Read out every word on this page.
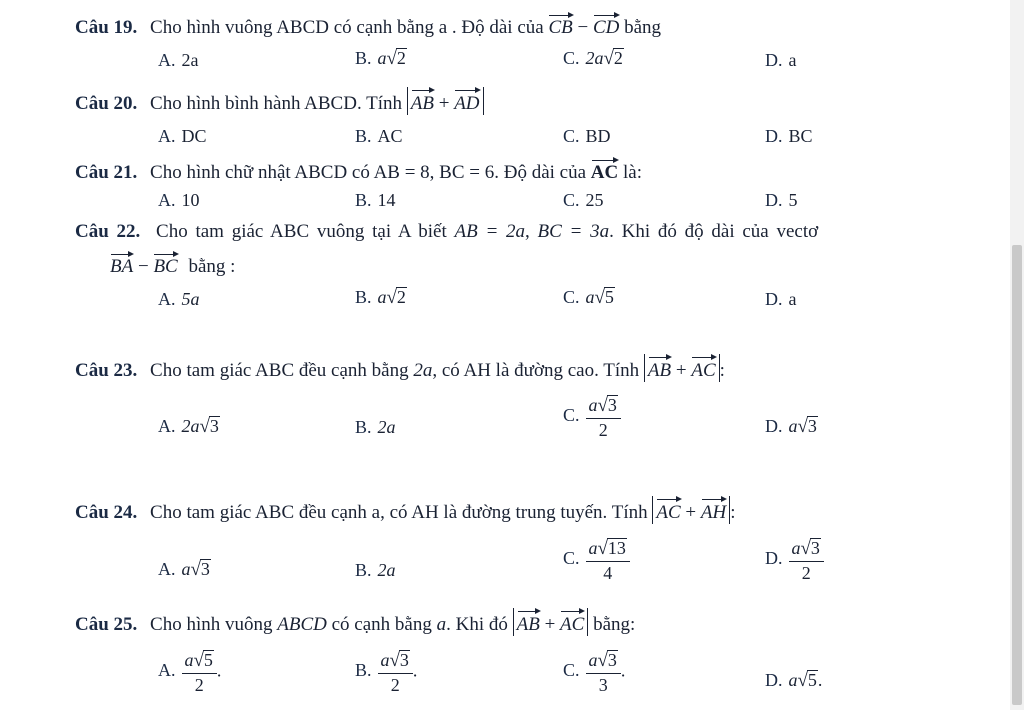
Câu 19. Cho hình vuông ABCD có cạnh bằng a . Độ dài của CB − CD bằng
A. 2a	B. a√2	C. 2a√2	D. a
Câu 20. Cho hình bình hành ABCD. Tính AB + AD
A. DC	B. AC	C. BD	D. BC
Câu 21. Cho hình chữ nhật ABCD có AB = 8, BC = 6. Độ dài của AC là:
A. 10	B. 14	C. 25	D. 5
Câu 22. Cho tam giác ABC vuông tại A biết AB = 2a, BC = 3a. Khi đó độ dài của vectơ
BA − BC bằng :
A. 5a	B. a√2	C. a√5	D. a
Câu 23. Cho tam giác ABC đều cạnh bằng 2a, có AH là đường cao. Tính AB + AC :
A. 2a√3	B. 2a
C. $\frac{a√3}{2}$	D. a√3
Câu 24. Cho tam giác ABC đều cạnh a, có AH là đường trung tuyến. Tính AC + AH :
A. a√3	B. 2a
C. $\frac{a√13}{4}$	D. $\frac{a√3}{2}$
Câu 25. Cho hình vuông ABCD có cạnh bằng a. Khi đó AB + AC bằng:
A. $\frac{a√5}{2}$ .	B. $\frac{a√3}{2}$ .	C. $\frac{a√3}{3}$ .	D. a√5.
